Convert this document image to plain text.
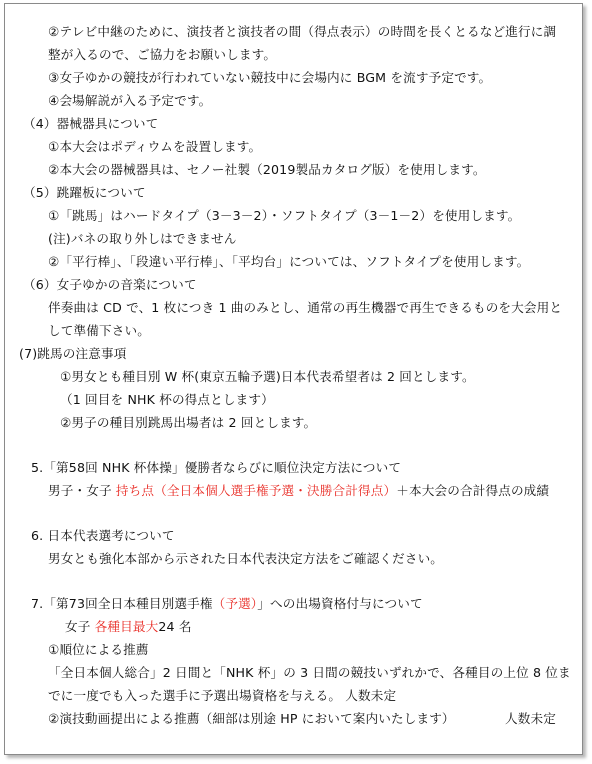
②テレビ中継のために、演技者と演技者の間（得点表示）の時間を長くとるなど進行に調
整が入るので、ご協力をお願いします。
③女子ゆかの競技が行われていない競技中に会場内に BGM を流す予定です。
④会場解説が入る予定です。
（4）器械器具について
①本大会はポディウムを設置します。
②本大会の器械器具は、セノー社製（2019製品カタログ版）を使用します。
（5）跳躍板について
①「跳馬」はハードタイプ（3－3－2）・ソフトタイプ（3－1－2）を使用します。
(注)バネの取り外しはできません
②「平行棒」、「段違い平行棒」、「平均台」については、ソフトタイプを使用します。
（6）女子ゆかの音楽について
伴奏曲は CD で、1 枚につき 1 曲のみとし、通常の再生機器で再生できるものを大会用と
して準備下さい。
(7)跳馬の注意事項
①男女とも種目別 W 杯(東京五輪予選)日本代表希望者は 2 回とします。
（1 回目を NHK 杯の得点とします）
②男子の種目別跳馬出場者は 2 回とします。
5.「第58回 NHK 杯体操」優勝者ならびに順位決定方法について
男子・女子 持ち点（全日本個人選手権予選・決勝合計得点）＋本大会の合計得点の成績
6. 日本代表選考について
男女とも強化本部から示された日本代表決定方法をご確認ください。
7.「第73回全日本種目別選手権（予選）」への出場資格付与について
女子 各種目最大24 名
①順位による推薦
「全日本個人総合」2 日間と「NHK 杯」の 3 日間の競技いずれかで、各種目の上位 8 位ま
でに一度でも入った選手に予選出場資格を与える。 人数未定
②演技動画提出による推薦（細部は別途 HP において案内いたします）	人数未定
